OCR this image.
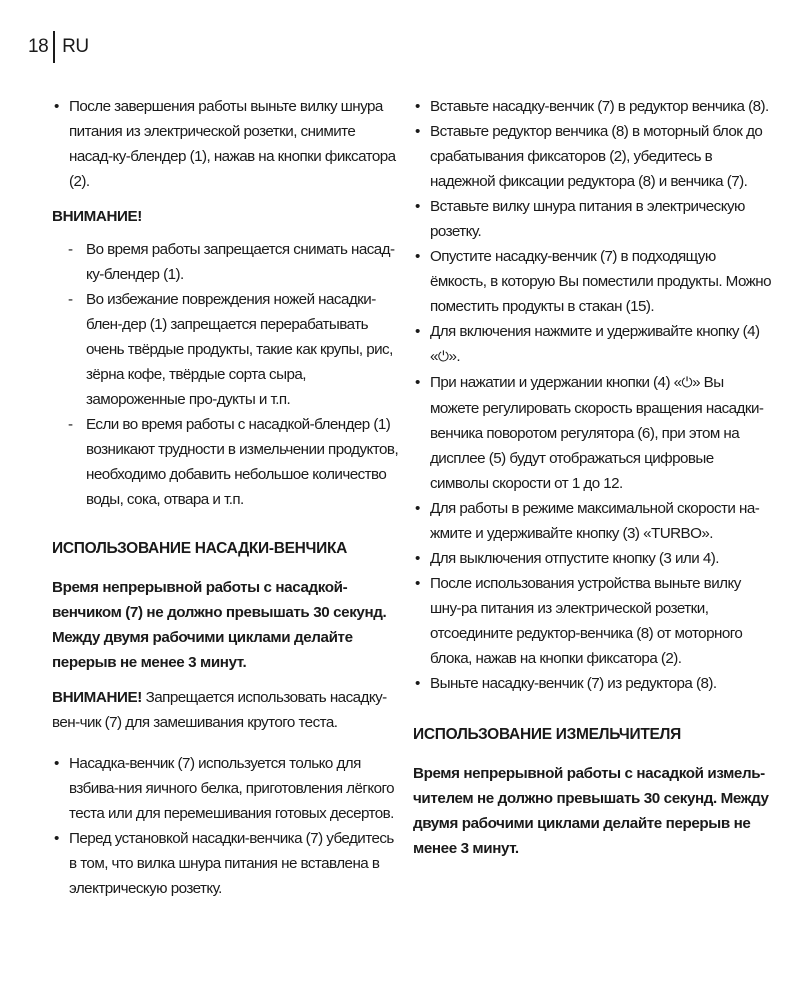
18 RU
• После завершения работы выньте вилку шнура питания из электрической розетки, снимите насад-ку-блендер (1), нажав на кнопки фиксатора (2).
ВНИМАНИЕ!
- Во время работы запрещается снимать насад-ку-блендер (1).
- Во избежание повреждения ножей насадки-блен-дер (1) запрещается перерабатывать очень твёрдые продукты, такие как крупы, рис, зёрна кофе, твёрдые сорта сыра, замороженные про-дукты и т.п.
- Если во время работы с насадкой-блендер (1) возникают трудности в измельчении продуктов, необходимо добавить небольшое количество воды, сока, отвара и т.п.
ИСПОЛЬЗОВАНИЕ НАСАДКИ-ВЕНЧИКА

Время непрерывной работы с насадкой-венчиком (7) не должно превышать 30 секунд. Между двумя рабочими циклами делайте перерыв не менее 3 минут.

ВНИМАНИЕ! Запрещается использовать насадку-вен-чик (7) для замешивания крутого теста.

• Насадка-венчик (7) используется только для взбива-ния яичного белка, приготовления лёгкого теста или для перемешивания готовых десертов.
• Перед установкой насадки-венчика (7) убедитесь в том, что вилка шнура питания не вставлена в электрическую розетку.
• Вставьте насадку-венчик (7) в редуктор венчика (8).
• Вставьте редуктор венчика (8) в моторный блок до срабатывания фиксаторов (2), убедитесь в надежной фиксации редуктора (8) и венчика (7).
• Вставьте вилку шнура питания в электрическую розетку.
• Опустите насадку-венчик (7) в подходящую ёмкость, в которую Вы поместили продукты. Можно поместить продукты в стакан (15).
• Для включения нажмите и удерживайте кнопку (4) «⏻».
• При нажатии и удержании кнопки (4) «⏻» Вы можете регулировать скорость вращения насадки-венчика поворотом регулятора (6), при этом на дисплее (5) будут отображаться цифровые символы скорости от 1 до 12.
• Для работы в режиме максимальной скорости на-жмите и удерживайте кнопку (3) «TURBO».
• Для выключения отпустите кнопку (3 или 4).
• После использования устройства выньте вилку шну-ра питания из электрической розетки, отсоедините редуктор-венчика (8) от моторного блока, нажав на кнопки фиксатора (2).
• Выньте насадку-венчик (7) из редуктора (8).
ИСПОЛЬЗОВАНИЕ ИЗМЕЛЬЧИТЕЛЯ

Время непрерывной работы с насадкой измель-чителем не должно превышать 30 секунд. Между двумя рабочими циклами делайте перерыв не менее 3 минут.
